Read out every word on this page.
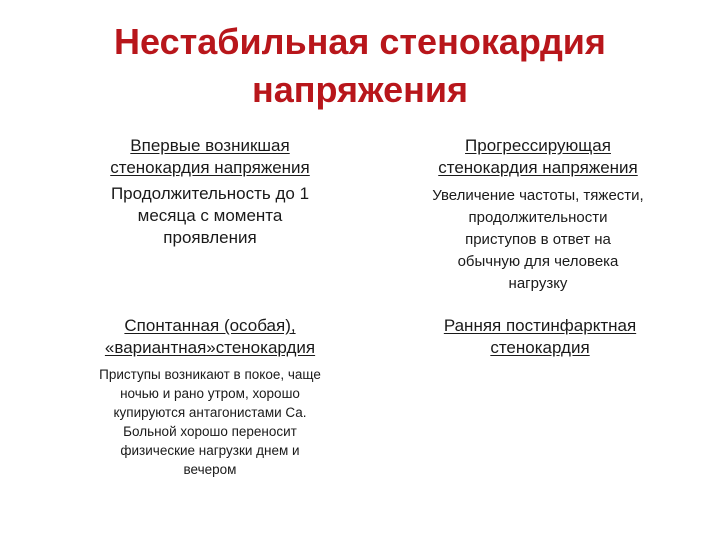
Нестабильная стенокардия
напряжения
Впервые возникшая
стенокардия напряжения
Продолжительность до 1
месяца с момента
проявления
Прогрессирующая
стенокардия напряжения
Увеличение частоты, тяжести,
продолжительности
приступов в ответ на
обычную для человека
нагрузку
Спонтанная (особая),
«вариантная»стенокардия
Приступы возникают в покое, чаще
ночью и рано утром, хорошо
купируются антагонистами Са.
Больной хорошо переносит
физические нагрузки днем и
вечером
Ранняя постинфарктная
стенокардия
